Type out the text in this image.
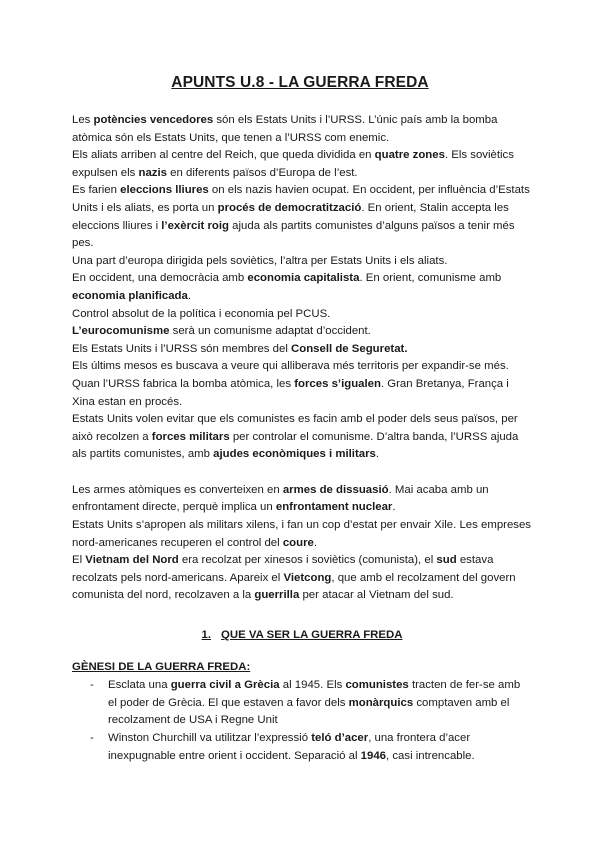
APUNTS U.8 - LA GUERRA FREDA

Les potències vencedores són els Estats Units i l’URSS. L’únic país amb la bomba atòmica són els Estats Units, que tenen a l’URSS com enemic.

Els aliats arriben al centre del Reich, que queda dividida en quatre zones. Els soviètics expulsen els nazis en diferents països d’Europa de l’est.

Es farien eleccions lliures on els nazis havien ocupat. En occident, per influència d’Estats Units i els aliats, es porta un procés de democratització. En orient, Stalin accepta les eleccions lliures i l’exèrcit roig ajuda als partits comunistes d’alguns països a tenir més pes.

Una part d’europa dirigida pels soviètics, l’altra per Estats Units i els aliats.

En occident, una democràcia amb economia capitalista. En orient, comunisme amb economia planificada.

Control absolut de la política i economia pel PCUS.

L’eurocomunisme serà un comunisme adaptat d’occident.

Els Estats Units i l’URSS són membres del Consell de Seguretat.

Els últims mesos es buscava a veure qui alliberava més territoris per expandir-se més. Quan l’URSS fabrica la bomba atòmica, les forces s’igualen. Gran Bretanya, França i Xina estan en procés.

Estats Units volen evitar que els comunistes es facin amb el poder dels seus països, per això recolzen a forces militars per controlar el comunisme. D’altra banda, l’URSS ajuda als partits comunistes, amb ajudes econòmiques i militars.

Les armes atòmiques es converteixen en armes de dissuasió. Mai acaba amb un enfrontament directe, perquè implica un enfrontament nuclear.

Estats Units s’apropen als militars xilens, i fan un cop d’estat per envair Xile. Les empreses nord-americanes recuperen el control del coure.

El Vietnam del Nord era recolzat per xinesos i soviètics (comunista), el sud estava recolzats pels nord-americans. Apareix el Vietcong, que amb el recolzament del govern comunista del nord, recolzaven a la guerrilla per atacar al Vietnam del sud.

1. QUE VA SER LA GUERRA FREDA
GÈNESI DE LA GUERRA FREDA:
- Esclata una guerra civil a Grècia al 1945. Els comunistes tracten de fer-se amb el poder de Grècia. El que estaven a favor dels monàrquics comptaven amb el recolzament de USA i Regne Unit
- Winston Churchill va utilitzar l’expressió teló d’acer, una frontera d’acer inexpugnable entre orient i occident. Separació al 1946, casi intrencable.
